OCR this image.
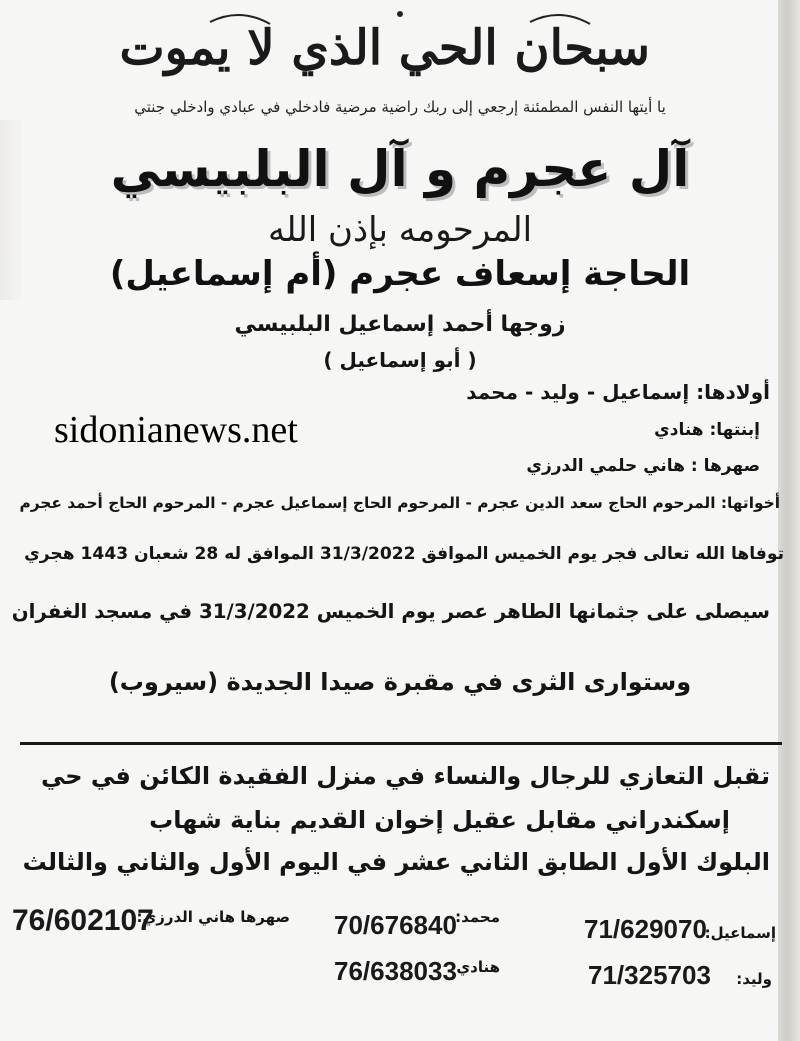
سبحان الحي الذي لا يموت
يا أيتها النفس المطمئنة إرجعي إلى ربك راضية مرضية فادخلي في عبادي وادخلي جنتي
آل عجرم و آل البلبيسي
المرحومه بإذن الله
الحاجة إسعاف عجرم (أم إسماعيل)
زوجها أحمد إسماعيل البلبيسي
( أبو إسماعيل )
أولادها: إسماعيل - وليد - محمد
sidonianews.net	إبنتها: هنادي
صهرها : هاني حلمي الدرزي
أخواتها: المرحوم الحاج سعد الدين عجرم - المرحوم الحاج إسماعيل عجرم - المرحوم الحاج أحمد عجرم
توفاها الله تعالى فجر يوم الخميس الموافق 31/3/2022 الموافق له 28 شعبان 1443 هجري
سيصلى على جثمانها الطاهر عصر يوم الخميس 31/3/2022 في مسجد الغفران
وستوارى الثرى في مقبرة صيدا الجديدة (سيروب)
تقبل التعازي للرجال والنساء في منزل الفقيدة الكائن في حي
إسكندراني مقابل عقيل إخوان القديم بناية شهاب
البلوك الأول الطابق الثاني عشر في اليوم الأول والثاني والثالث
إسماعيل:
71/629070
وليد:
71/325703
محمد:
70/676840
هنادي
76/638033
صهرها هاني الدرزي:
76/602107
